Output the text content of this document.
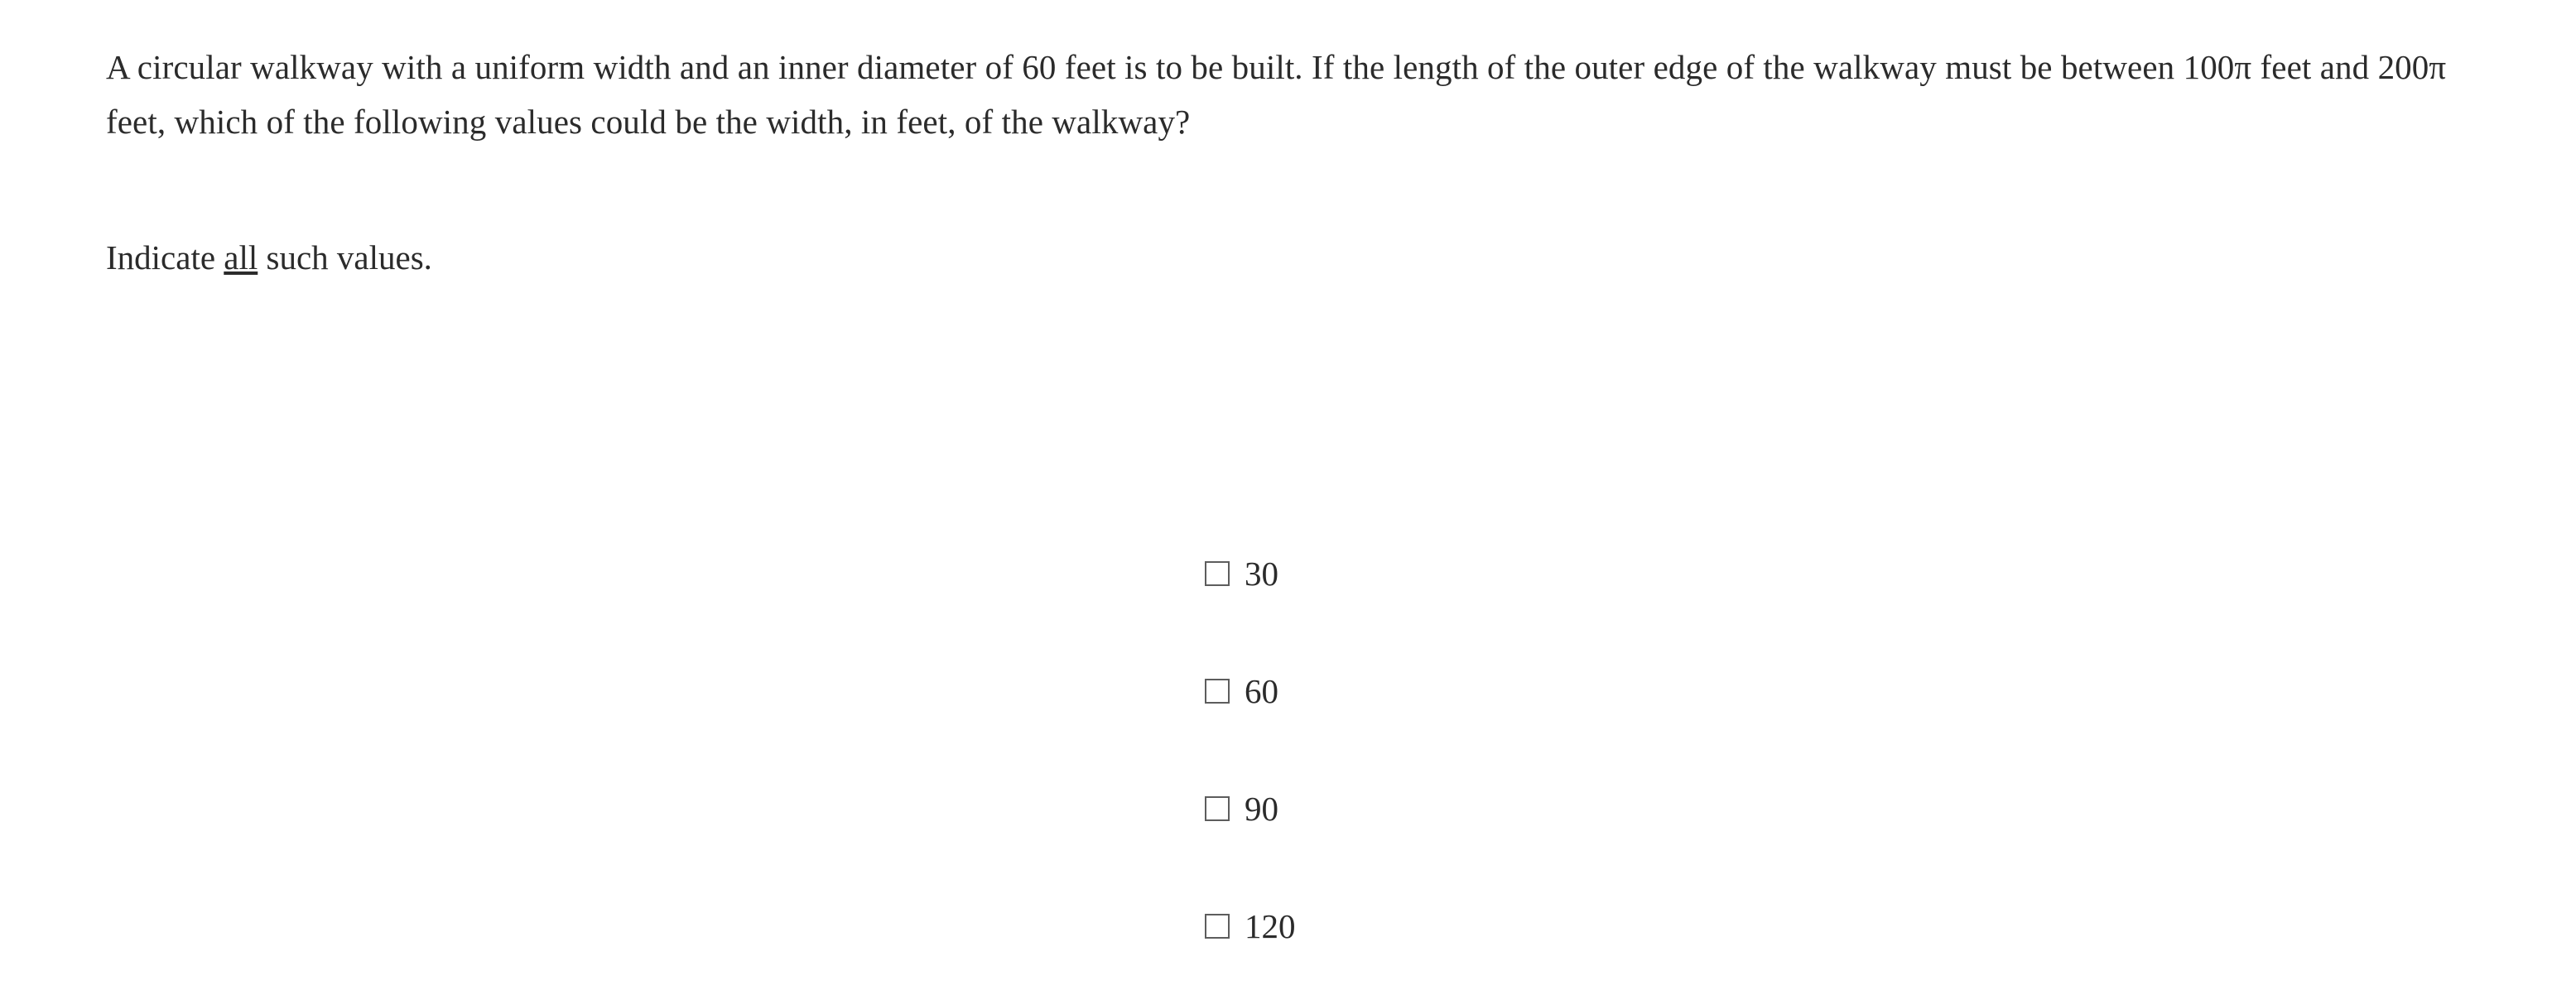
A circular walkway with a uniform width and an inner diameter of 60 feet is to be built. If the length of the outer edge of the walkway must be between 100π feet and 200π feet, which of the following values could be the width, in feet, of the walkway?
Indicate all such values.
30
60
90
120
